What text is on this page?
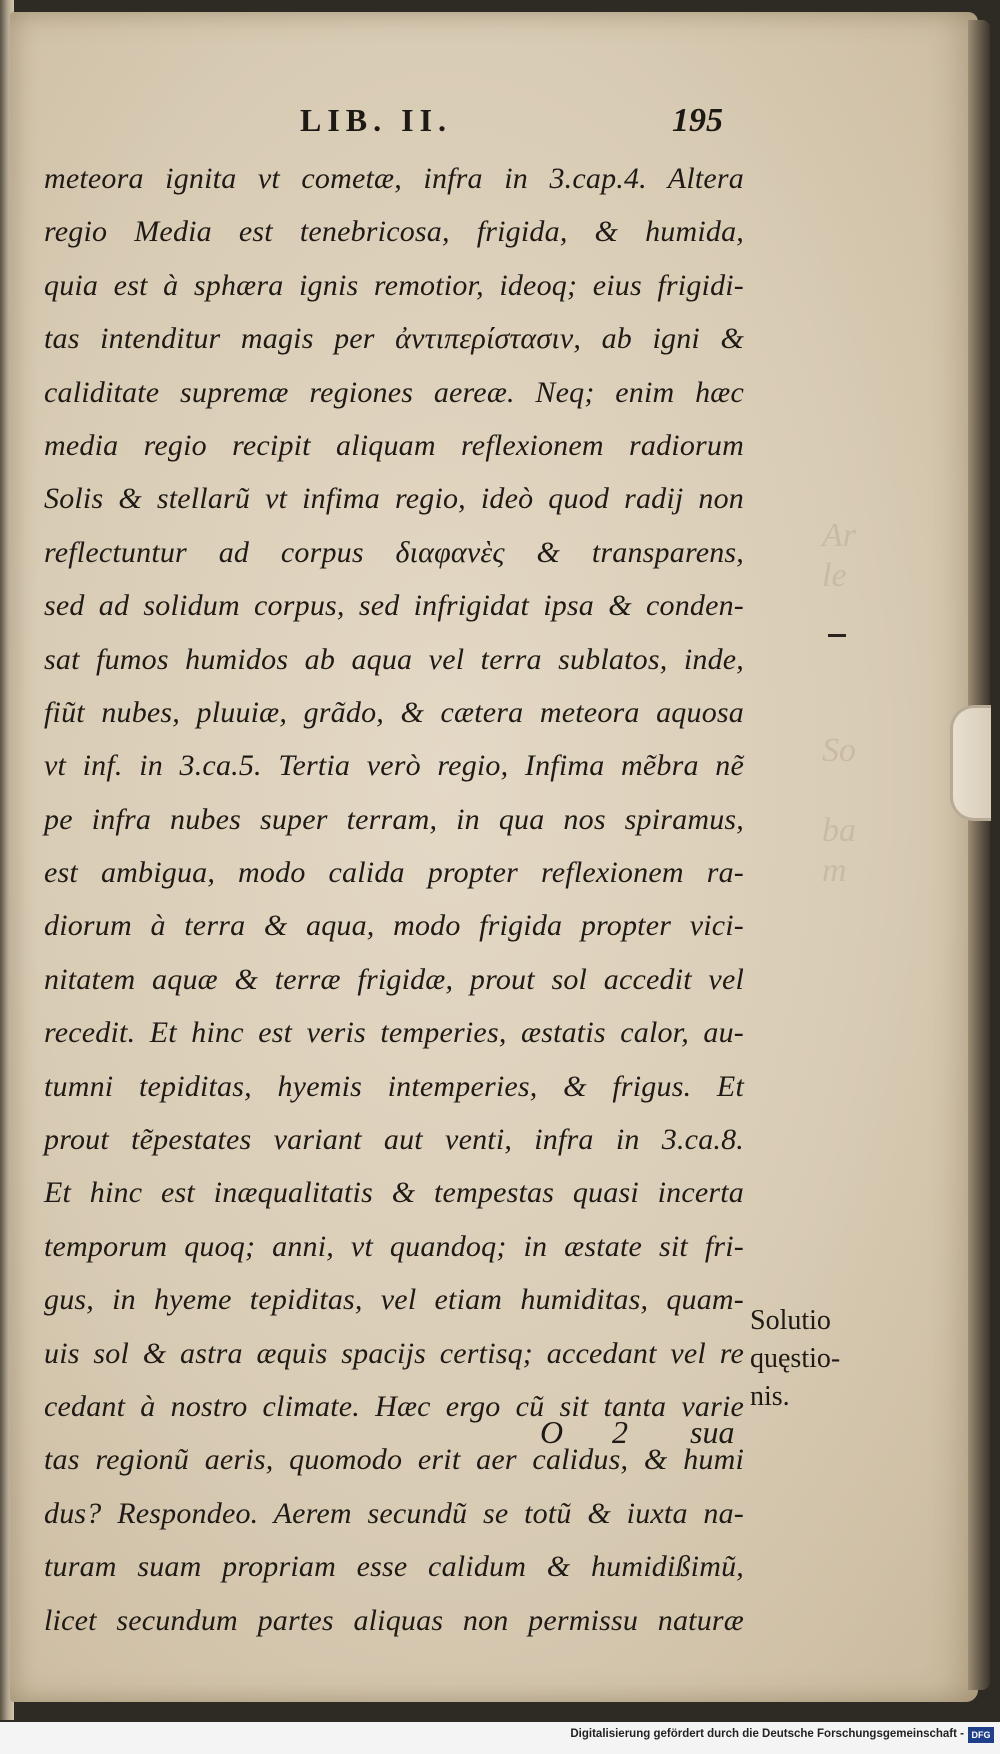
Ar
le
So
ba
m
LIB. II.	195
meteora ignita vt cometæ, infra in 3.cap.4. Altera
regio Media est tenebricosa, frigida, & humida,
quia est à sphæra ignis remotior, ideoq; eius frigidi-
tas intenditur magis per ἀντιπερίστασιν, ab igni &
caliditate supremæ regiones aereæ. Neq; enim hæc
media regio recipit aliquam reflexionem radiorum
Solis & stellarũ vt infima regio, ideò quod radij non
reflectuntur ad corpus διαφανὲς & transparens,
sed ad solidum corpus, sed infrigidat ipsa & conden-
sat fumos humidos ab aqua vel terra sublatos, inde,
fiũt nubes, pluuiæ, grãdo, & cætera meteora aquosa
vt inf. in 3.ca.5. Tertia verò regio, Infima mẽbra nẽ
pe infra nubes super terram, in qua nos spiramus,
est ambigua, modo calida propter reflexionem ra-
diorum à terra & aqua, modo frigida propter vici-
nitatem aquæ & terræ frigidæ, prout sol accedit vel
recedit. Et hinc est veris temperies, æstatis calor, au-
tumni tepiditas, hyemis intemperies, & frigus. Et
prout tẽpestates variant aut venti, infra in 3.ca.8.
Et hinc est inæqualitatis & tempestas quasi incerta
temporum quoq; anni, vt quandoq; in æstate sit fri-
gus, in hyeme tepiditas, vel etiam humiditas, quam-
uis sol & astra æquis spacijs certisq; accedant vel re
cedant à nostro climate. Hæc ergo cũ sit tanta varie
tas regionũ aeris, quomodo erit aer calidus, & humi
dus? Respondeo. Aerem secundũ se totũ & iuxta na-
turam suam propriam esse calidum & humidißimũ,
licet secundum partes aliquas non permissu naturæ
Solutio
quęstio-
nis.
O 2 sua
Digitalisierung gefördert durch die Deutsche Forschungsgemeinschaft - DFG
